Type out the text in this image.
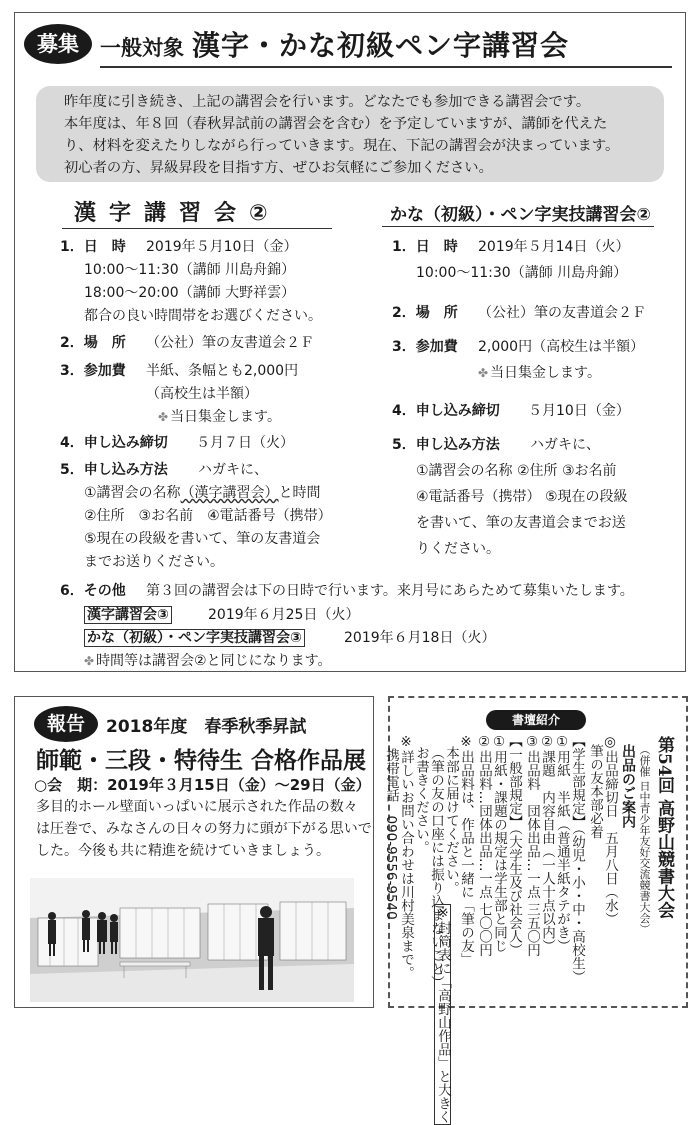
募集	一般対象 漢字・かな初級ペン字講習会

昨年度に引き続き、上記の講習会を行います。どなたでも参加できる講習会です。

本年度は、年８回（春秋昇試前の講習会を含む）を予定していますが、講師を代えた

り、材料を変えたりしながら行っていきます。現在、下記の講習会が決まっています。

初心者の方、昇級昇段を目指す方、ぜひお気軽にご参加ください。

漢字講習会②	かな（初級）・ペン字実技講習会②
1．日　時 2019年５月10日（金）
10:00～11:30（講師 川島舟錦）
18:00～20:00（講師 大野祥雲）
都合の良い時間帯をお選びください。
2．場　所 （公社）筆の友書道会２Ｆ
3．参加費 半紙、条幅とも2,000円
（高校生は半額）
✤ 当日集金します。
4．申し込み締切 ５月７日（火）
5．申し込み方法 ハガキに、
①講習会の名称（漢字講習会）と時間
②住所　③お名前　④電話番号（携帯）
⑤現在の段級を書いて、筆の友書道会
までお送りください。
1．日　時 2019年５月14日（火）
10:00～11:30（講師 川島舟錦）
2．場　所 （公社）筆の友書道会２Ｆ
3．参加費 2,000円（高校生は半額）
✤ 当日集金します。
4．申し込み締切 ５月10日（金）
5．申し込み方法 ハガキに、
①講習会の名称 ②住所 ③お名前
④電話番号（携帯） ⑤現在の段級
を書いて、筆の友書道会までお送
りください。
6．その他 第３回の講習会は下の日時で行います。来月号にあらためて募集いたします。
漢字講習会③	2019年６月25日（火）
かな（初級）・ペン字実技講習会③	2019年６月18日（火）
✤ 時間等は講習会②と同じになります。
報告	2018年度　春季秋季昇試
師範・三段・特待生 合格作品展
○会　期：2019年３月15日（金）～29日（金）

多目的ホール壁面いっぱいに展示された作品の数々

は圧巻で、みなさんの日々の努力に頭が下がる思いで

した。今後も共に精進を続けていきましょう。

書壇紹介
第54回 高野山競書大会
（併催 日中青少年友好交流競書大会）
出品のご案内
◎出品締切日　五月八日（水）
筆の友本部必着
【学生部規定】（幼児・小・中・高校生）
①用紙　半紙（普通半紙タテがき）
②課題　内容自由（一人十点以内）
③出品料　団体出品…一点 三五〇円
【一般部規定】（大学生及び社会人）
①用紙・課題の規定は学生部と同じ
②出品料…団体出品…一点 七〇〇円
※出品料は、作品と一緒に「筆の友」
本部に届けてください。
（筆の友の口座には振り込まないこと）
※封筒表に「高野山作品」と大きく
お書きください。
※詳しいお問い合わせは川村美泉まで。
携帯電話　090-9556-9540
